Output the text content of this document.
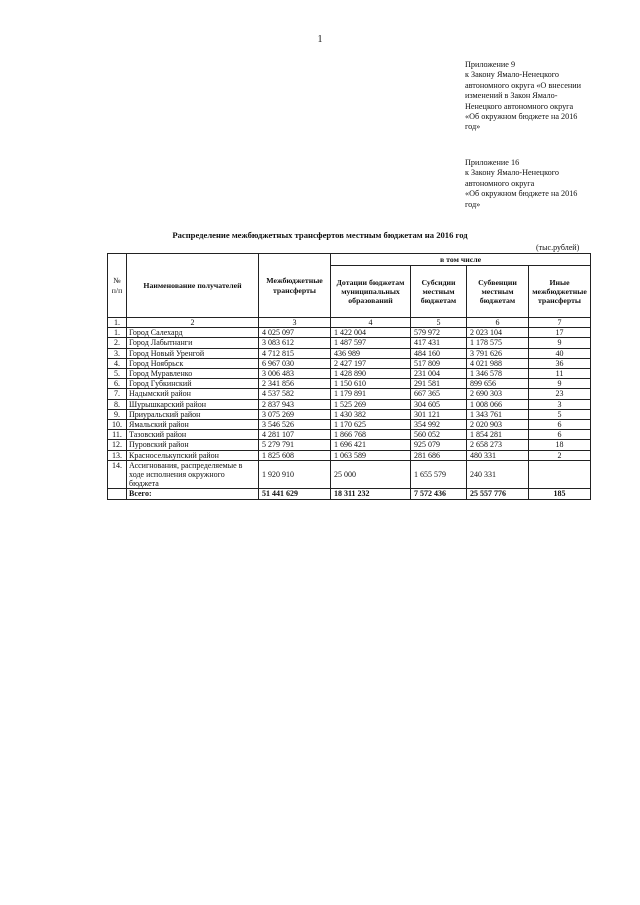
1
Приложение 9
к Закону Ямало-Ненецкого
автономного округа «О внесении
изменений в Закон Ямало-
Ненецкого автономного округа
«Об окружном бюджете на 2016
год»
Приложение 16
к Закону Ямало-Ненецкого
автономного округа
«Об окружном бюджете на 2016
год»
Распределение межбюджетных трансфертов местным бюджетам на 2016 год
(тыс.рублей)
№ п/п	Наименование получателей	Межбюджетные трансферты	в том числе			
			Дотации бюджетам муниципальных образований	Субсидии местным бюджетам	Субвенции местным бюджетам	Иные межбюджетные трансферты
1.	2	3	4	5	6	7
1.	Город Салехард	4 025 097	1 422 004	579 972	2 023 104	17
2.	Город Лабытнанги	3 083 612	1 487 597	417 431	1 178 575	9
3.	Город Новый Уренгой	4 712 815	436 989	484 160	3 791 626	40
4.	Город Ноябрьск	6 967 030	2 427 197	517 809	4 021 988	36
5.	Город Муравленко	3 006 483	1 428 890	231 004	1 346 578	11
6.	Город Губкинский	2 341 856	1 150 610	291 581	899 656	9
7.	Надымский район	4 537 582	1 179 891	667 365	2 690 303	23
8.	Шурышкарский район	2 837 943	1 525 269	304 605	1 008 066	3
9.	Приуральский район	3 075 269	1 430 382	301 121	1 343 761	5
10.	Ямальский район	3 546 526	1 170 625	354 992	2 020 903	6
11.	Тазовский район	4 281 107	1 866 768	560 052	1 854 281	6
12.	Пуровский район	5 279 791	1 696 421	925 079	2 658 273	18
13.	Красноселькупский район	1 825 608	1 063 589	281 686	480 331	2
14.	Ассигнования, распределяемые в ходе исполнения окружного бюджета	1 920 910	25 000	1 655 579	240 331	
	Всего:	51 441 629	18 311 232	7 572 436	25 557 776	185
